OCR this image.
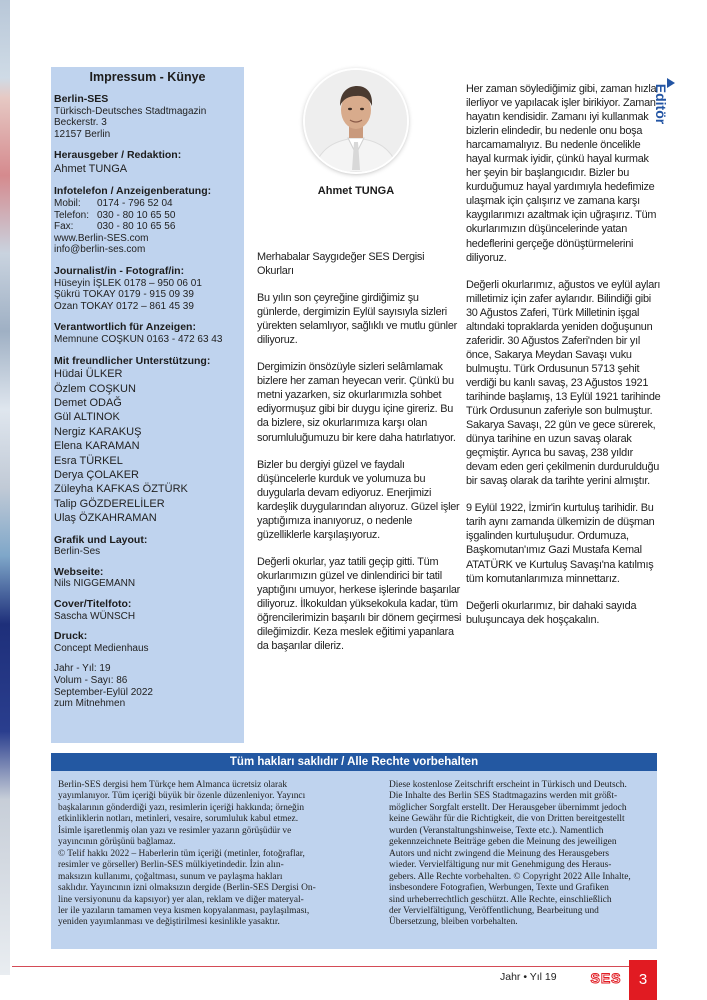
Impressum - Künye
Berlin-SES
Türkisch-Deutsches Stadtmagazin
Beckerstr. 3
12157 Berlin
Herausgeber / Redaktion:
Ahmet TUNGA
Infotelefon / Anzeigenberatung:
Mobil:	0174 - 796 52 04
Telefon: 030 - 80 10 65 50
Fax:	030 - 80 10 65 56
www.Berlin-SES.com
info@berlin-ses.com
Journalist/in - Fotograf/in:
Hüseyin İŞLEK 0178 – 950 06 01
Şükrü TOKAY 0179 - 915 09 39
Ozan TOKAY 0172 – 861 45 39
Verantwortlich für Anzeigen:
Memnune COŞKUN 0163 - 472 63 43
Mit freundlicher Unterstützung:
Hüdai ÜLKER
Özlem COŞKUN
Demet ODAĞ
Gül ALTINOK
Nergiz KARAKUŞ
Elena KARAMAN
Esra TÜRKEL
Derya ÇOLAKER
Züleyha KAFKAS ÖZTÜRK
Talip GÖZDERELİLER
Ulaş ÖZKAHRAMAN
Grafik und Layout:
Berlin-Ses
Webseite:
Nils NIGGEMANN
Cover/Titelfoto:
Sascha WÜNSCH
Druck:
Concept Medienhaus
Jahr - Yıl: 19
Volum - Sayı: 86
September-Eylül 2022
zum Mitnehmen
Ahmet TUNGA
Editör

Merhabalar Saygıdeğer SES Dergisi Okurları

Bu yılın son çeyreğine girdiğimiz şu günlerde, dergimizin Eylül sayısıyla sizleri yürekten selamlıyor, sağlıklı ve mutlu günler diliyoruz.

Dergimizin önsözüyle sizleri selâmlamak bizlere her zaman heyecan verir. Çünkü bu metni yazarken, siz okurlarımızla sohbet ediyormuşuz gibi bir duygu içine gireriz. Bu da bizlere, siz okurlarımıza karşı olan sorumluluğumuzu bir kere daha hatırlatıyor.

Bizler bu dergiyi güzel ve faydalı düşüncelerle kurduk ve yolumuza bu duygularla devam ediyoruz. Enerjimizi kardeşlik duygularından alıyoruz. Güzel işler yaptığımıza inanıyoruz, o nedenle güzelliklerle karşılaşıyoruz.

Değerli okurlar, yaz tatili geçip gitti. Tüm okurlarımızın güzel ve dinlendirici bir tatil yaptığını umuyor, herkese işlerinde başarılar diliyoruz. İlkokuldan yüksekokula kadar, tüm öğrencilerimizin başarılı bir dönem geçirmesi dileğimizdir. Keza meslek eğitimi yapanlara da başarılar dileriz.

Her zaman söylediğimiz gibi, zaman hızla ilerliyor ve yapılacak işler birikiyor. Zaman hayatın kendisidir. Zamanı iyi kullanmak bizlerin elindedir, bu nedenle onu boşa harcamamalıyız. Bu nedenle öncelikle hayal kurmak iyidir, çünkü hayal kurmak her şeyin bir başlangıcıdır. Bizler bu kurduğumuz hayal yardımıyla hedefimize ulaşmak için çalışırız ve zamana karşı kaygılarımızı azaltmak için uğraşırız. Tüm okurlarımızın düşüncelerinde yatan hedeflerini gerçeğe dönüştürmelerini diliyoruz.

Değerli okurlarımız, ağustos ve eylül ayları milletimiz için zafer aylarıdır. Bilindiği gibi 30 Ağustos Zaferi, Türk Milletinin işgal altındaki topraklarda yeniden doğuşunun zaferidir. 30 Ağustos Zaferi'nden bir yıl önce, Sakarya Meydan Savaşı vuku bulmuştu. Türk Ordusunun 5713 şehit verdiği bu kanlı savaş, 23 Ağustos 1921 tarihinde başlamış, 13 Eylül 1921 tarihinde Türk Ordusunun zaferiyle son bulmuştur. Sakarya Savaşı, 22 gün ve gece sürerek, dünya tarihine en uzun savaş olarak geçmiştir. Ayrıca bu savaş, 238 yıldır devam eden geri çekilmenin durdurulduğu bir savaş olarak da tarihte yerini almıştır.

9 Eylül 1922, İzmir'in kurtuluş tarihidir. Bu tarih aynı zamanda ülkemizin de düşman işgalinden kurtuluşudur. Ordumuza, Başkomutan'ımız Gazi Mustafa Kemal ATATÜRK ve Kurtuluş Savaşı'na katılmış tüm komutanlarımıza minnettarız.

Değerli okurlarımız, bir dahaki sayıda buluşuncaya dek hoşçakalın.

Tüm hakları saklıdır / Alle Rechte vorbehalten
Berlin-SES dergisi hem Türkçe hem Almanca ücretsiz olarak
yayımlanıyor. Tüm içeriği büyük bir özenle düzenleniyor. Yayıncı
başkalarının gönderdiği yazı, resimlerin içeriği hakkında; örneğin
etkinliklerin notları, metinleri, vesaire, sorumluluk kabul etmez.
İsimle işaretlenmiş olan yazı ve resimler yazarın görüşüdür ve
yayıncının görüşünü bağlamaz.
© Telif hakkı 2022 – Haberlerin tüm içeriği (metinler, fotoğraflar,
resimler ve görseller) Berlin-SES mülkiyetindedir. İzin alın-
maksızın kullanımı, çoğaltması, sunum ve paylaşma hakları
saklıdır. Yayıncının izni olmaksızın dergide (Berlin-SES Dergisi On-
line versiyonunu da kapsıyor) yer alan, reklam ve diğer materyal-
ler ile yazıların tamamen veya kısmen kopyalanması, paylaşılması,
yeniden yayımlanması ve değiştirilmesi kesinlikle yasaktır.
Diese kostenlose Zeitschrift erscheint in Türkisch und Deutsch.
Die Inhalte des Berlin SES Stadtmagazins werden mit größt-
möglicher Sorgfalt erstellt. Der Herausgeber übernimmt jedoch
keine Gewähr für die Richtigkeit, die von Dritten bereitgestellt
wurden (Veranstaltungshinweise, Texte etc.). Namentlich
gekennzeichnete Beiträge geben die Meinung des jeweiligen
Autors und nicht zwingend die Meinung des Herausgebers
wieder. Vervielfältigung nur mit Genehmigung des Heraus-
gebers. Alle Rechte vorbehalten. © Copyright 2022 Alle Inhalte,
insbesondere Fotografien, Werbungen, Texte und Grafiken
sind urheberrechtlich geschützt. Alle Rechte, einschließlich
der Vervielfältigung, Veröffentlichung, Bearbeitung und
Übersetzung, bleiben vorbehalten.
Jahr • Yıl 19 SES	3
